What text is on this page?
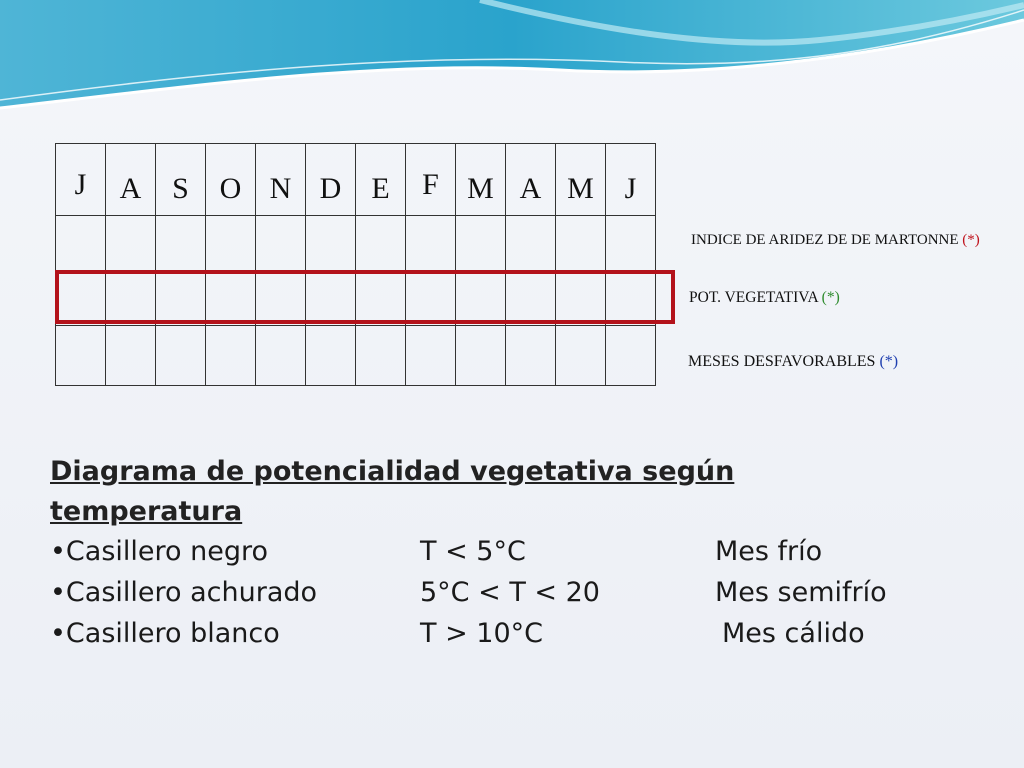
J	A	S	O	N	D	E	F	M	A	M	J

INDICE DE ARIDEZ DE DE MARTONNE (*)
POT. VEGETATIVA (*)
MESES DESFAVORABLES (*)
Diagrama de potencialidad vegetativa según temperatura
•Casillero negro	T < 5°C	Mes frío
•Casillero achurado	5°C < T < 20	Mes semifrío
•Casillero blanco	T > 10°C	Mes cálido
